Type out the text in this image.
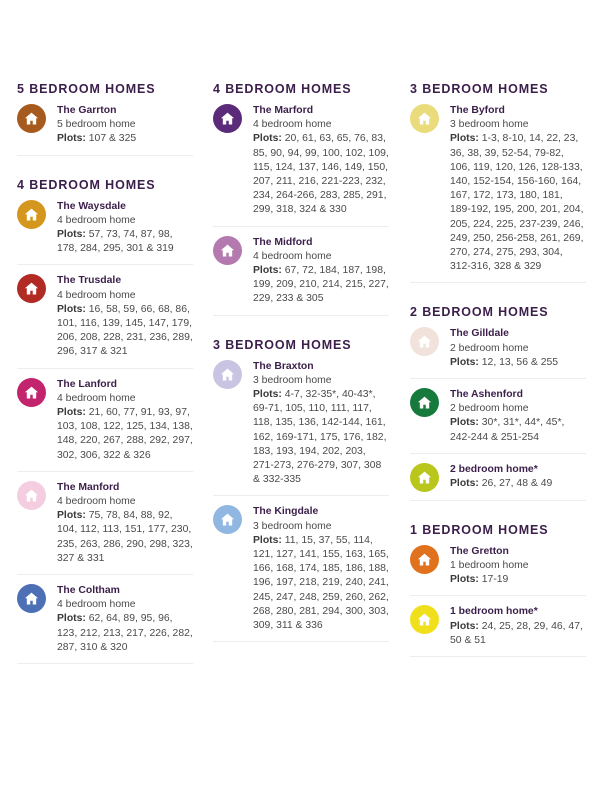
5 BEDROOM HOMES
The Garrton
5 bedroom home
Plots: 107 & 325
4 BEDROOM HOMES
The Waysdale
4 bedroom home
Plots: 57, 73, 74, 87, 98, 178, 284, 295, 301 & 319
The Trusdale
4 bedroom home
Plots: 16, 58, 59, 66, 68, 86, 101, 116, 139, 145, 147, 179, 206, 208, 228, 231, 236, 289, 296, 317 & 321
The Lanford
4 bedroom home
Plots: 21, 60, 77, 91, 93, 97, 103, 108, 122, 125, 134, 138, 148, 220, 267, 288, 292, 297, 302, 306, 322 & 326
The Manford
4 bedroom home
Plots: 75, 78, 84, 88, 92, 104, 112, 113, 151, 177, 230, 235, 263, 286, 290, 298, 323, 327 & 331
The Coltham
4 bedroom home
Plots: 62, 64, 89, 95, 96, 123, 212, 213, 217, 226, 282, 287, 310 & 320
4 BEDROOM HOMES
The Marford
4 bedroom home
Plots: 20, 61, 63, 65, 76, 83, 85, 90, 94, 99, 100, 102, 109, 115, 124, 137, 146, 149, 150, 207, 211, 216, 221-223, 232, 234, 264-266, 283, 285, 291, 299, 318, 324 & 330
The Midford
4 bedroom home
Plots: 67, 72, 184, 187, 198, 199, 209, 210, 214, 215, 227, 229, 233 & 305
3 BEDROOM HOMES
The Braxton
3 bedroom home
Plots: 4-7, 32-35*, 40-43*, 69-71, 105, 110, 111, 117, 118, 135, 136, 142-144, 161, 162, 169-171, 175, 176, 182, 183, 193, 194, 202, 203, 271-273, 276-279, 307, 308 & 332-335
The Kingdale
3 bedroom home
Plots: 11, 15, 37, 55, 114, 121, 127, 141, 155, 163, 165, 166, 168, 174, 185, 186, 188, 196, 197, 218, 219, 240, 241, 245, 247, 248, 259, 260, 262, 268, 280, 281, 294, 300, 303, 309, 311 & 336
3 BEDROOM HOMES
The Byford
3 bedroom home
Plots: 1-3, 8-10, 14, 22, 23, 36, 38, 39, 52-54, 79-82, 106, 119, 120, 126, 128-133, 140, 152-154, 156-160, 164, 167, 172, 173, 180, 181, 189-192, 195, 200, 201, 204, 205, 224, 225, 237-239, 246, 249, 250, 256-258, 261, 269, 270, 274, 275, 293, 304, 312-316, 328 & 329
2 BEDROOM HOMES
The Gilldale
2 bedroom home
Plots: 12, 13, 56 & 255
The Ashenford
2 bedroom home
Plots: 30*, 31*, 44*, 45*, 242-244 & 251-254
2 bedroom home*
Plots: 26, 27, 48 & 49
1 BEDROOM HOMES
The Gretton
1 bedroom home
Plots: 17-19
1 bedroom home*
Plots: 24, 25, 28, 29, 46, 47, 50 & 51
